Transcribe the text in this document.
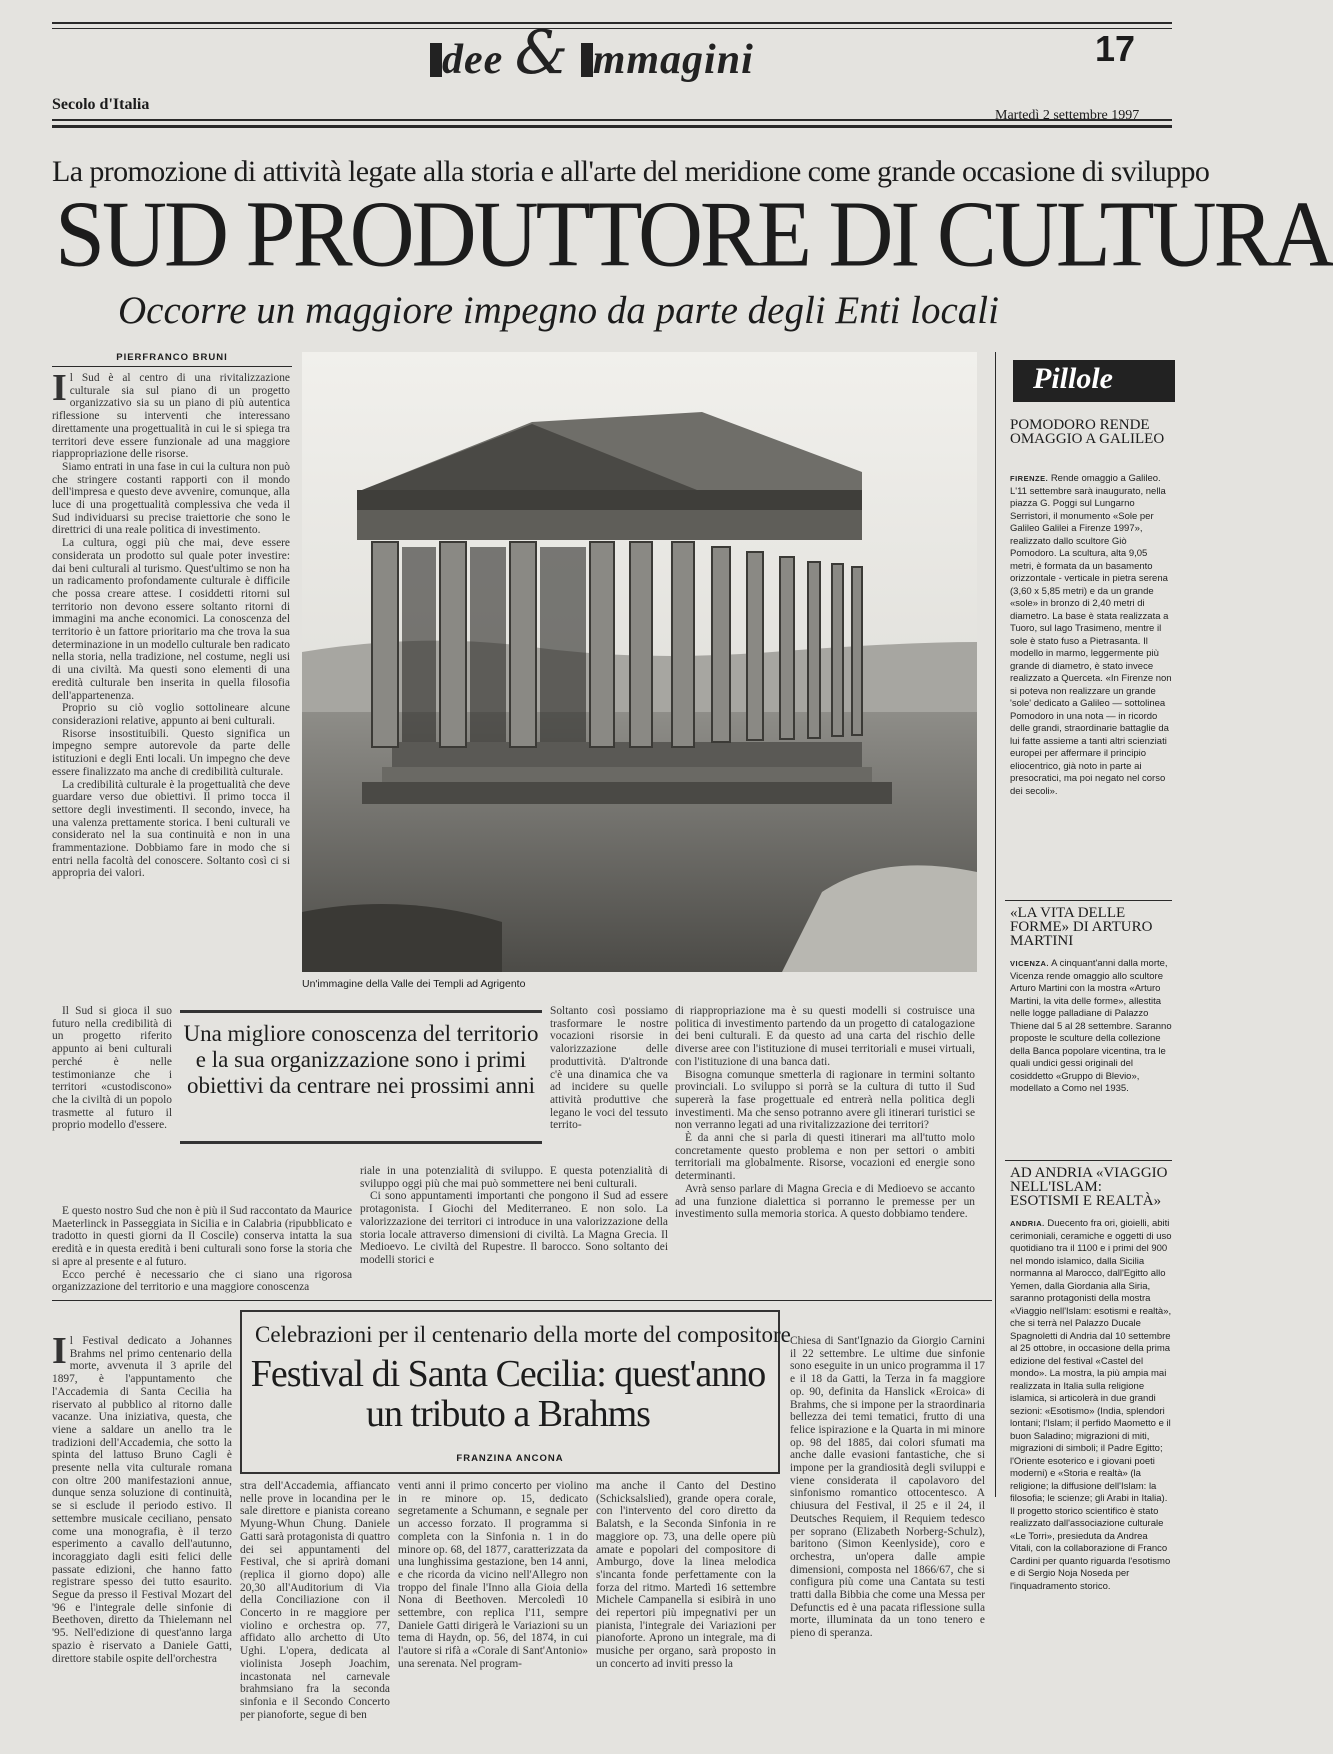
dee & mmagini	17
Secolo d'Italia
Martedì 2 settembre 1997
La promozione di attività legate alla storia e all'arte del meridione come grande occasione di sviluppo
SUD PRODUTTORE DI CULTURA
Occorre un maggiore impegno da parte degli Enti locali
PIERFRANCO BRUNI
I l Sud è al centro di una rivitalizzazione culturale sia sul piano di un progetto organizzativo sia su un piano di più autentica riflessione su interventi che interessano direttamente una progettualità in cui le si spiega tra territori deve essere funzionale ad una maggiore riappropriazione delle risorse.

Siamo entrati in una fase in cui la cultura non può che stringere costanti rapporti con il mondo dell'impresa e questo deve avvenire, comunque, alla luce di una progettualità complessiva che veda il Sud individuarsi su precise traiettorie che sono le direttrici di una reale politica di investimento.

La cultura, oggi più che mai, deve essere considerata un prodotto sul quale poter investire: dai beni culturali al turismo. Quest'ultimo se non ha un radicamento profondamente culturale è difficile che possa creare attese. I cosiddetti ritorni sul territorio non devono essere soltanto ritorni di immagini ma anche economici. La conoscenza del territorio è un fattore prioritario ma che trova la sua determinazione in un modello culturale ben radicato nella storia, nella tradizione, nel costume, negli usi di una civiltà. Ma questi sono elementi di una eredità culturale ben inserita in quella filosofia dell'appartenenza.

Proprio su ciò voglio sottolineare alcune considerazioni relative, appunto ai beni culturali.

Risorse insostituibili. Questo significa un impegno sempre autorevole da parte delle istituzioni e degli Enti locali. Un impegno che deve essere finalizzato ma anche di credibilità culturale.

La credibilità culturale è la progettualità che deve guardare verso due obiettivi. Il primo tocca il settore degli investimenti. Il secondo, invece, ha una valenza prettamente storica. I beni culturali ve considerato nel la sua continuità e non in una frammentazione. Dobbiamo fare in modo che si entri nella facoltà del conoscere. Soltanto così ci si appropria dei valori.

Il Sud si gioca il suo futuro nella credibilità di un progetto riferito appunto ai beni culturali perché è nelle testimonianze che i territori «custodiscono» che la civiltà di un popolo trasmette al futuro il proprio modello d'essere.

E questo nostro Sud che non è più il Sud raccontato da Maurice Maeterlinck in Passeggiata in Sicilia e in Calabria (ripubblicato e tradotto in questi giorni da Il Coscile) conserva intatta la sua eredità e in questa eredità i beni culturali sono forse la storia che si apre al presente e al futuro.

Ecco perché è necessario che ci siano una rigorosa organizzazione del territorio e una maggiore conoscenza

Un'immagine della Valle dei Templi ad Agrigento
Una migliore conoscenza del territorio e la sua organizzazione sono i primi obiettivi da centrare nei prossimi anni

Soltanto così possiamo trasformare le nostre vocazioni risorsie in valorizzazione delle produttività. D'altronde c'è una dinamica che va ad incidere su quelle attività produttive che legano le voci del tessuto territo-

riale in una potenzialità di sviluppo. E questa potenzialità di sviluppo oggi più che mai può sommettere nei beni culturali.

Ci sono appuntamenti importanti che pongono il Sud ad essere protagonista. I Giochi del Mediterraneo. E non solo. La valorizzazione dei territori ci introduce in una valorizzazione della storia locale attraverso dimensioni di civiltà. La Magna Grecia. Il Medioevo. Le civiltà del Rupestre. Il barocco. Sono soltanto dei modelli storici e

di riappropriazione ma è su questi modelli si costruisce una politica di investimento partendo da un progetto di catalogazione dei beni culturali. E da questo ad una carta del rischio delle diverse aree con l'istituzione di musei territoriali e musei virtuali, con l'istituzione di una banca dati.

Bisogna comunque smetterla di ragionare in termini soltanto provinciali. Lo sviluppo si porrà se la cultura di tutto il Sud supererà la fase progettuale ed entrerà nella politica degli investimenti. Ma che senso potranno avere gli itinerari turistici se non verranno legati ad una rivitalizzazione dei territori?

È da anni che si parla di questi itinerari ma all'tutto molo concretamente questo problema e non per settori o ambiti territoriali ma globalmente. Risorse, vocazioni ed energie sono determinanti.

Avrà senso parlare di Magna Grecia e di Medioevo se accanto ad una funzione dialettica si porranno le premesse per un investimento sulla memoria storica. A questo dobbiamo tendere.

Pillole
POMODORO RENDE OMAGGIO A GALILEO
FIRENZE. Rende omaggio a Galileo. L'11 settembre sarà inaugurato, nella piazza G. Poggi sul Lungarno Serristori, il monumento «Sole per Galileo Galilei a Firenze 1997», realizzato dallo scultore Giò Pomodoro. La scultura, alta 9,05 metri, è formata da un basamento orizzontale - verticale in pietra serena (3,60 x 5,85 metri) e da un grande «sole» in bronzo di 2,40 metri di diametro. La base è stata realizzata a Tuoro, sul lago Trasimeno, mentre il sole è stato fuso a Pietrasanta. Il modello in marmo, leggermente più grande di diametro, è stato invece realizzato a Querceta. «In Firenze non si poteva non realizzare un grande 'sole' dedicato a Galileo — sottolinea Pomodoro in una nota — in ricordo delle grandi, straordinarie battaglie da lui fatte assieme a tanti altri scienziati europei per affermare il principio eliocentrico, già noto in parte ai presocratici, ma poi negato nel corso dei secoli».
«LA VITA DELLE FORME» DI ARTURO MARTINI
VICENZA. A cinquant'anni dalla morte, Vicenza rende omaggio allo scultore Arturo Martini con la mostra «Arturo Martini, la vita delle forme», allestita nelle logge palladiane di Palazzo Thiene dal 5 al 28 settembre. Saranno proposte le sculture della collezione della Banca popolare vicentina, tra le quali undici gessi originali del cosiddetto «Gruppo di Blevio», modellato a Como nel 1935.
AD ANDRIA «VIAGGIO NELL'ISLAM: ESOTISMI E REALTÀ»
ANDRIA. Duecento fra ori, gioielli, abiti cerimoniali, ceramiche e oggetti di uso quotidiano tra il 1100 e i primi del 900 nel mondo islamico, dalla Sicilia normanna al Marocco, dall'Egitto allo Yemen, dalla Giordania alla Siria, saranno protagonisti della mostra «Viaggio nell'Islam: esotismi e realtà», che si terrà nel Palazzo Ducale Spagnoletti di Andria dal 10 settembre al 25 ottobre, in occasione della prima edizione del festival «Castel del mondo». La mostra, la più ampia mai realizzata in Italia sulla religione islamica, si articolerà in due grandi sezioni: «Esotismo» (India, splendori lontani; l'Islam; il perfido Maometto e il buon Saladino; migrazioni di miti, migrazioni di simboli; il Padre Egitto; l'Oriente esoterico e i giovani poeti moderni) e «Storia e realtà» (la religione; la diffusione dell'Islam: la filosofia; le scienze; gli Arabi in Italia). Il progetto storico scientifico è stato realizzato dall'associazione culturale «Le Torri», presieduta da Andrea Vitali, con la collaborazione di Franco Cardini per quanto riguarda l'esotismo e di Sergio Noja Noseda per l'inquadramento storico.
Celebrazioni per il centenario della morte del compositore
Festival di Santa Cecilia: quest'anno un tributo a Brahms
FRANZINA ANCONA
I l Festival dedicato a Johannes Brahms nel primo centenario della morte, avvenuta il 3 aprile del 1897, è l'appuntamento che l'Accademia di Santa Cecilia ha riservato al pubblico al ritorno dalle vacanze. Una iniziativa, questa, che viene a saldare un anello tra le tradizioni dell'Accademia, che sotto la spinta del lattuso Bruno Cagli è presente nella vita culturale romana con oltre 200 manifestazioni annue, dunque senza soluzione di continuità, se si esclude il periodo estivo. Il settembre musicale ceciliano, pensato come una monografia, è il terzo esperimento a cavallo dell'autunno, incoraggiato dagli esiti felici delle passate edizioni, che hanno fatto registrare spesso dei tutto esaurito. Segue da presso il Festival Mozart del '96 e l'integrale delle sinfonie di Beethoven, diretto da Thielemann nel '95. Nell'edizione di quest'anno larga spazio è riservato a Daniele Gatti, direttore stabile ospite dell'orchestra

stra dell'Accademia, affiancato nelle prove in locandina per le sale direttore e pianista coreano Myung-Whun Chung. Daniele Gatti sarà protagonista di quattro dei sei appuntamenti del Festival, che si aprirà domani (replica il giorno dopo) alle 20,30 all'Auditorium di Via della Conciliazione con il Concerto in re maggiore per violino e orchestra op. 77, affidato allo archetto di Uto Ughi. L'opera, dedicata al violinista Joseph Joachim, incastonata nel carnevale brahmsiano fra la seconda sinfonia e il Secondo Concerto per pianoforte, segue di ben

venti anni il primo concerto per violino in re minore op. 15, dedicato segretamente a Schumann, e segnale per un accesso forzato. Il programma si completa con la Sinfonia n. 1 in do minore op. 68, del 1877, caratterizzata da una lunghissima gestazione, ben 14 anni, e che ricorda da vicino nell'Allegro non troppo del finale l'Inno alla Gioia della Nona di Beethoven. Mercoledì 10 settembre, con replica l'11, sempre Daniele Gatti dirigerà le Variazioni su un tema di Haydn, op. 56, del 1874, in cui l'autore si rifà a «Corale di Sant'Antonio» una serenata. Nel program-

ma anche il Canto del Destino (Schicksalslied), grande opera corale, con l'intervento del coro diretto da Balatsh, e la Seconda Sinfonia in re maggiore op. 73, una delle opere più amate e popolari del compositore di Amburgo, dove la linea melodica s'incanta fonde perfettamente con la forza del ritmo. Martedì 16 settembre Michele Campanella si esibirà in uno dei repertori più impegnativi per un pianista, l'integrale dei Variazioni per pianoforte. Aprono un integrale, ma di musiche per organo, sarà proposto in un concerto ad inviti presso la

Chiesa di Sant'Ignazio da Giorgio Carnini il 22 settembre. Le ultime due sinfonie sono eseguite in un unico programma il 17 e il 18 da Gatti, la Terza in fa maggiore op. 90, definita da Hanslick «Eroica» di Brahms, che si impone per la straordinaria bellezza dei temi tematici, frutto di una felice ispirazione e la Quarta in mi minore op. 98 del 1885, dai colori sfumati ma anche dalle evasioni fantastiche, che si impone per la grandiosità degli sviluppi e viene considerata il capolavoro del sinfonismo romantico ottocentesco. A chiusura del Festival, il 25 e il 24, il Deutsches Requiem, il Requiem tedesco per soprano (Elizabeth Norberg-Schulz), baritono (Simon Keenlyside), coro e orchestra, un'opera dalle ampie dimensioni, composta nel 1866/67, che si configura più come una Cantata su testi tratti dalla Bibbia che come una Messa per Defunctis ed è una pacata riflessione sulla morte, illuminata da un tono tenero e pieno di speranza.
